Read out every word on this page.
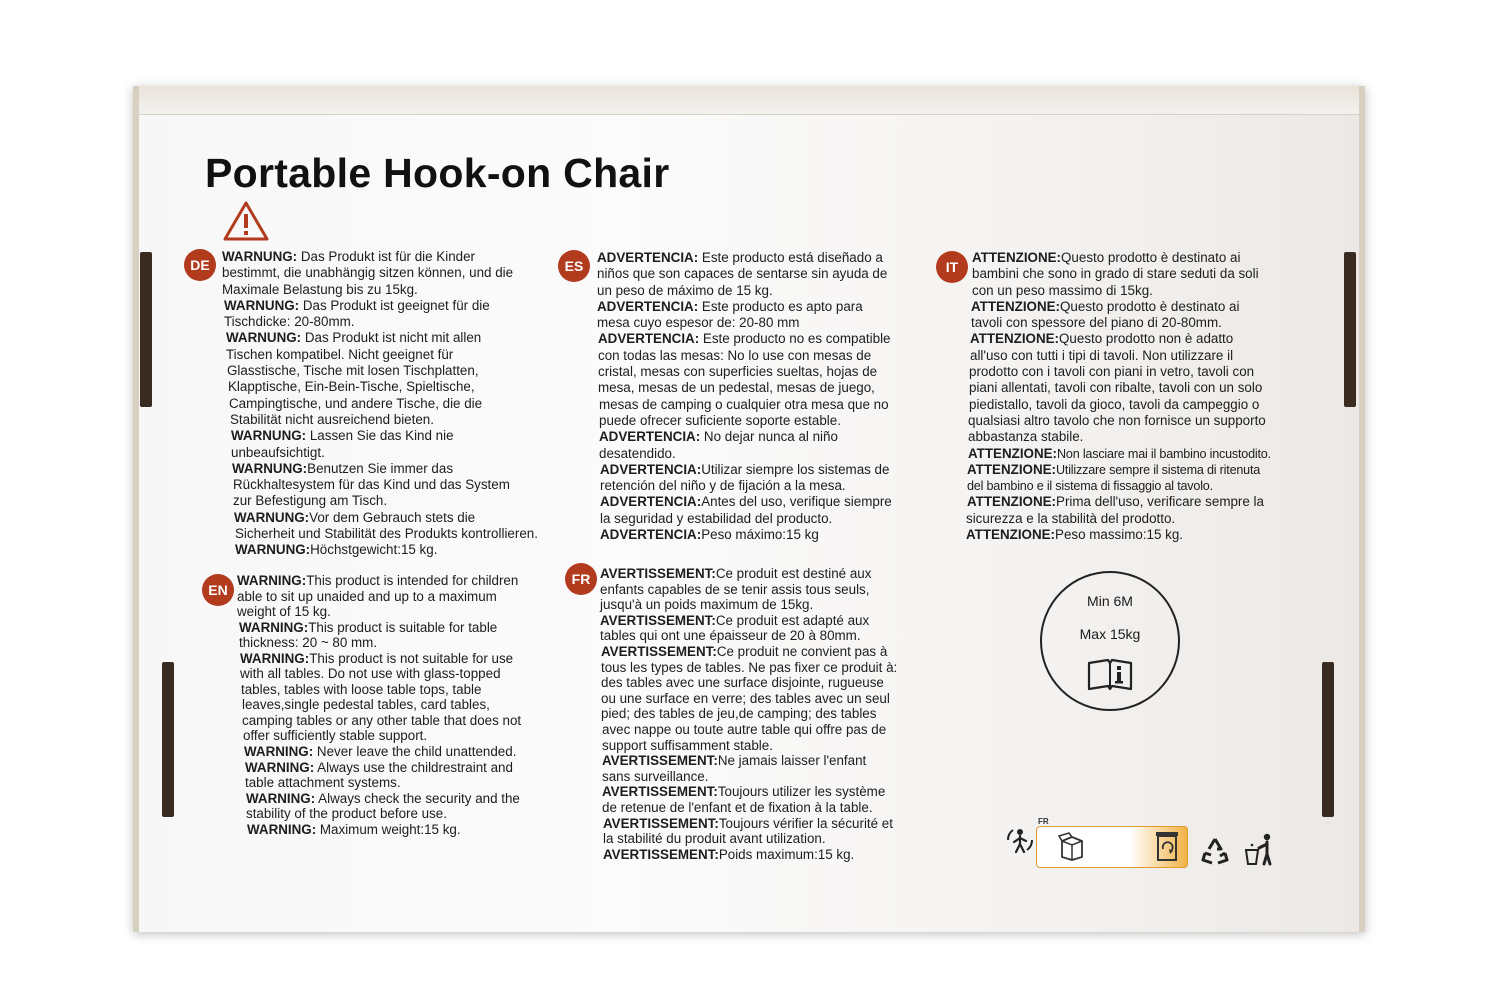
Portable Hook-on Chair
DE	ES	IT
EN
FR

WARNUNG: Das Produkt ist für die Kinder

bestimmt, die unabhängig sitzen können, und die

Maximale Belastung bis zu 15kg.

WARNUNG: Das Produkt ist geeignet für die

Tischdicke: 20-80mm.

WARNUNG: Das Produkt ist nicht mit allen

Tischen kompatibel. Nicht geeignet für

Glasstische, Tische mit losen Tischplatten,

Klapptische, Ein-Bein-Tische, Spieltische,

Campingtische, und andere Tische, die die

Stabilität nicht ausreichend bieten.

WARNUNG: Lassen Sie das Kind nie

unbeaufsichtigt.

WARNUNG:Benutzen Sie immer das

Rückhaltesystem für das Kind und das System

zur Befestigung am Tisch.

WARNUNG:Vor dem Gebrauch stets die

Sicherheit und Stabilität des Produkts kontrollieren.

WARNUNG:Höchstgewicht:15 kg.

WARNING:This product is intended for children

able to sit up unaided and up to a maximum

weight of 15 kg.

WARNING:This product is suitable for table

thickness: 20 ~ 80 mm.

WARNING:This product is not suitable for use

with all tables. Do not use with glass-topped

tables, tables with loose table tops, table

leaves,single pedestal tables, card tables,

camping tables or any other table that does not

offer sufficiently stable support.

WARNING: Never leave the child unattended.

WARNING: Always use the childrestraint and

table attachment systems.

WARNING: Always check the security and the

stability of the product before use.

WARNING: Maximum weight:15 kg.

ADVERTENCIA: Este producto está diseñado a

niños que son capaces de sentarse sin ayuda de

un peso de máximo de 15 kg.

ADVERTENCIA: Este producto es apto para

mesa cuyo espesor de: 20-80 mm

ADVERTENCIA: Este producto no es compatible

con todas las mesas: No lo use con mesas de

cristal, mesas con superficies sueltas, hojas de

mesa, mesas de un pedestal, mesas de juego,

mesas de camping o cualquier otra mesa que no

puede ofrecer suficiente soporte estable.

ADVERTENCIA: No dejar nunca al niño

desatendido.

ADVERTENCIA:Utilizar siempre los sistemas de

retención del niño y de fijación a la mesa.

ADVERTENCIA:Antes del uso, verifique siempre

la seguridad y estabilidad del producto.

ADVERTENCIA:Peso máximo:15 kg

AVERTISSEMENT:Ce produit est destiné aux

enfants capables de se tenir assis tous seuls,

jusqu'à un poids maximum de 15kg.

AVERTISSEMENT:Ce produit est adapté aux

tables qui ont une épaisseur de 20 à 80mm.

AVERTISSEMENT:Ce produit ne convient pas à

tous les types de tables. Ne pas fixer ce produit à:

des tables avec une surface disjointe, rugueuse

ou une surface en verre; des tables avec un seul

pied; des tables de jeu,de camping; des tables

avec nappe ou toute autre table qui offre pas de

support suffisamment stable.

AVERTISSEMENT:Ne jamais laisser l'enfant

sans surveillance.

AVERTISSEMENT:Toujours utilizer les système

de retenue de l'enfant et de fixation à la table.

AVERTISSEMENT:Toujours vérifier la sécurité et

la stabilité du produit avant utilization.

AVERTISSEMENT:Poids maximum:15 kg.

ATTENZIONE:Questo prodotto è destinato ai

bambini che sono in grado di stare seduti da soli

con un peso massimo di 15kg.

ATTENZIONE:Questo prodotto è destinato ai

tavoli con spessore del piano di 20-80mm.

ATTENZIONE:Questo prodotto non è adatto

all'uso con tutti i tipi di tavoli. Non utilizzare il

prodotto con i tavoli con piani in vetro, tavoli con

piani allentati, tavoli con ribalte, tavoli con un solo

piedistallo, tavoli da gioco, tavoli da campeggio o

qualsiasi altro tavolo che non fornisce un supporto

abbastanza stabile.

ATTENZIONE:Non lasciare mai il bambino incustodito.

ATTENZIONE:Utilizzare sempre il sistema di ritenuta

del bambino e il sistema di fissaggio al tavolo.

ATTENZIONE:Prima dell'uso, verificare sempre la

sicurezza e la stabilità del prodotto.

ATTENZIONE:Peso massimo:15 kg.

Min 6M
Max 15kg
FR
